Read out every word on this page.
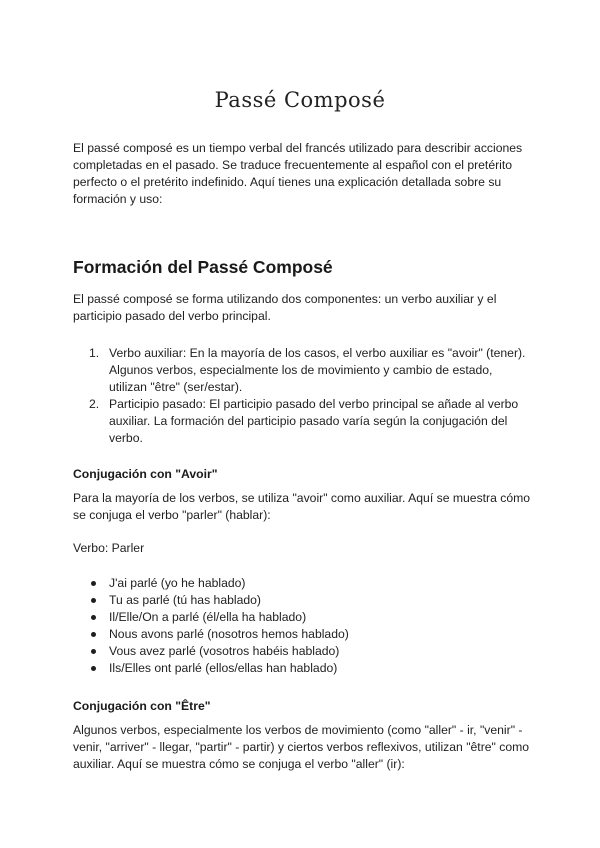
Passé Composé
El passé composé es un tiempo verbal del francés utilizado para describir acciones completadas en el pasado. Se traduce frecuentemente al español con el pretérito perfecto o el pretérito indefinido. Aquí tienes una explicación detallada sobre su formación y uso:
Formación del Passé Composé
El passé composé se forma utilizando dos componentes: un verbo auxiliar y el participio pasado del verbo principal.
1. Verbo auxiliar: En la mayoría de los casos, el verbo auxiliar es "avoir" (tener). Algunos verbos, especialmente los de movimiento y cambio de estado, utilizan "être" (ser/estar).
2. Participio pasado: El participio pasado del verbo principal se añade al verbo auxiliar. La formación del participio pasado varía según la conjugación del verbo.
Conjugación con "Avoir"
Para la mayoría de los verbos, se utiliza "avoir" como auxiliar. Aquí se muestra cómo se conjuga el verbo "parler" (hablar):
Verbo: Parler
J'ai parlé (yo he hablado)
Tu as parlé (tú has hablado)
Il/Elle/On a parlé (él/ella ha hablado)
Nous avons parlé (nosotros hemos hablado)
Vous avez parlé (vosotros habéis hablado)
Ils/Elles ont parlé (ellos/ellas han hablado)
Conjugación con "Être"
Algunos verbos, especialmente los verbos de movimiento (como "aller" - ir, "venir" - venir, "arriver" - llegar, "partir" - partir) y ciertos verbos reflexivos, utilizan "être" como auxiliar. Aquí se muestra cómo se conjuga el verbo "aller" (ir):
